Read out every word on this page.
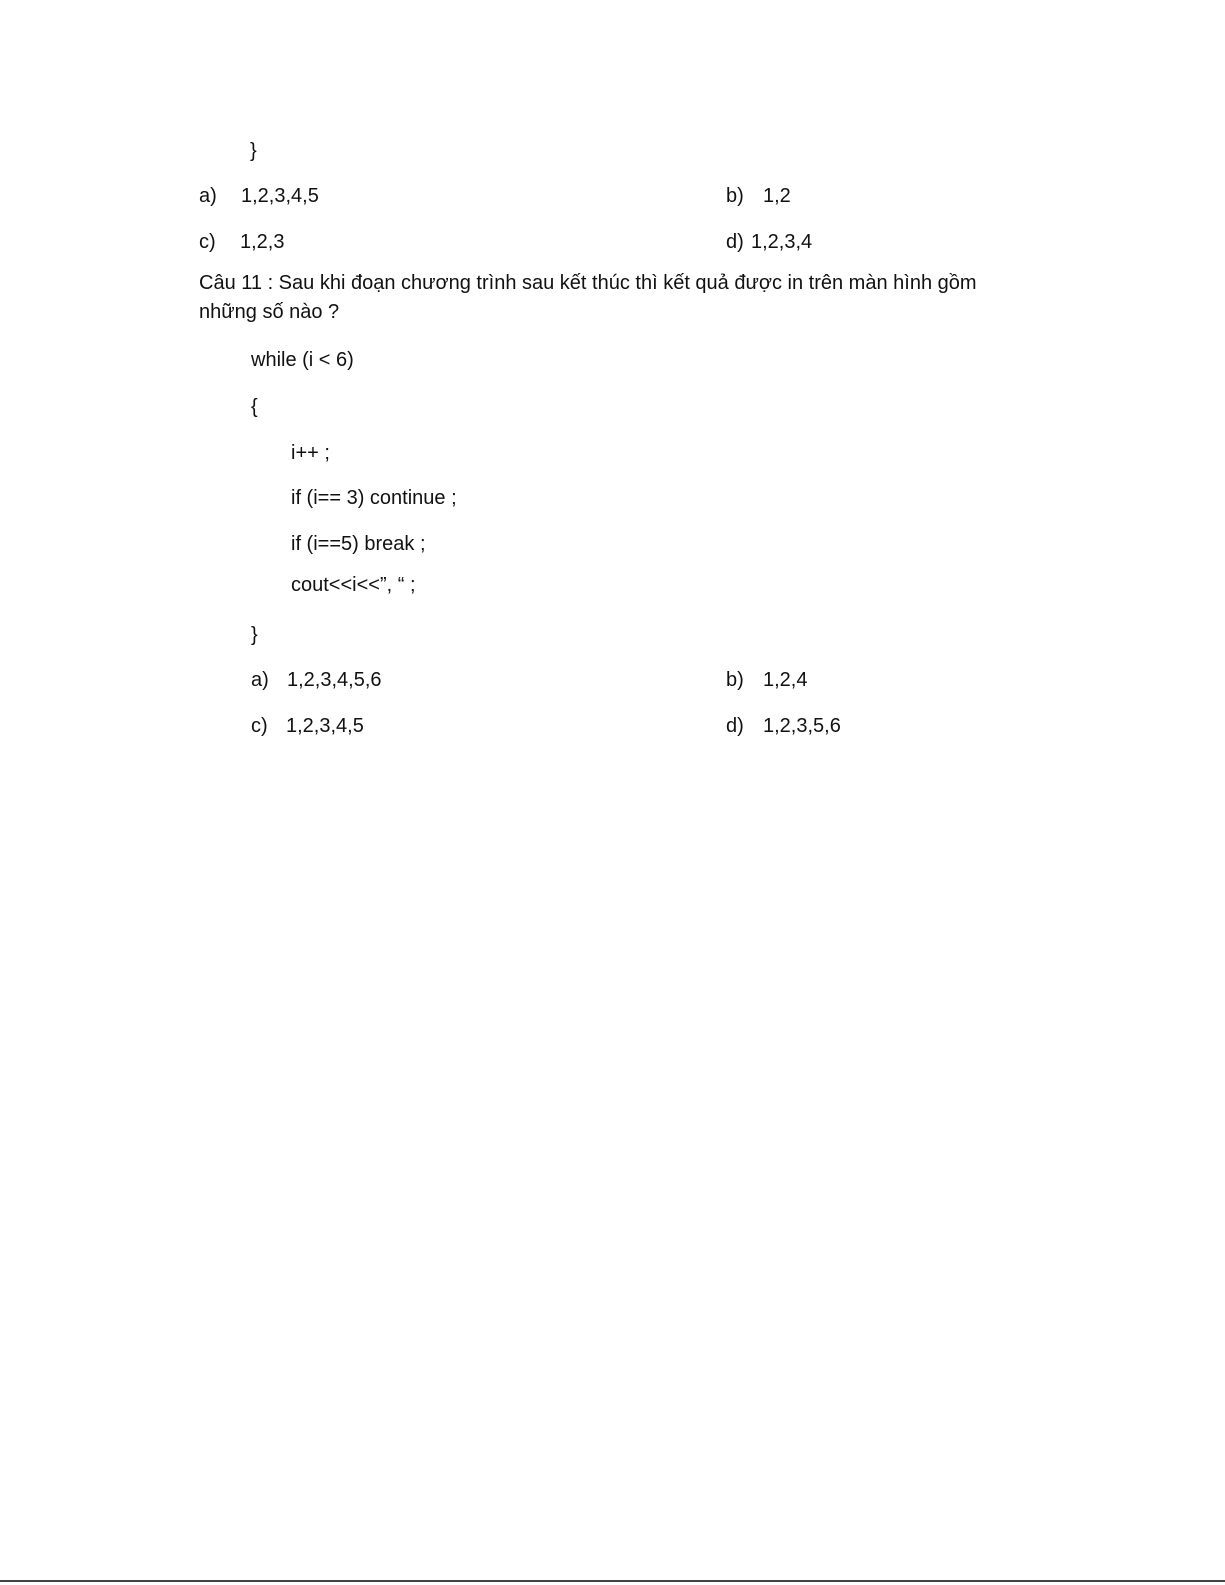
}
a) 1,2,3,4,5	b) 1,2
c) 1,2,3	d) 1,2,3,4
Câu 11 : Sau khi đoạn chương trình sau kết thúc thì kết quả được in trên màn hình gồm
những số nào ?
while (i < 6)
{
i++ ;
if (i== 3) continue ;
if (i==5) break ;
cout<<i<<”, “ ;
}
a) 1,2,3,4,5,6	b) 1,2,4
c) 1,2,3,4,5	d) 1,2,3,5,6
